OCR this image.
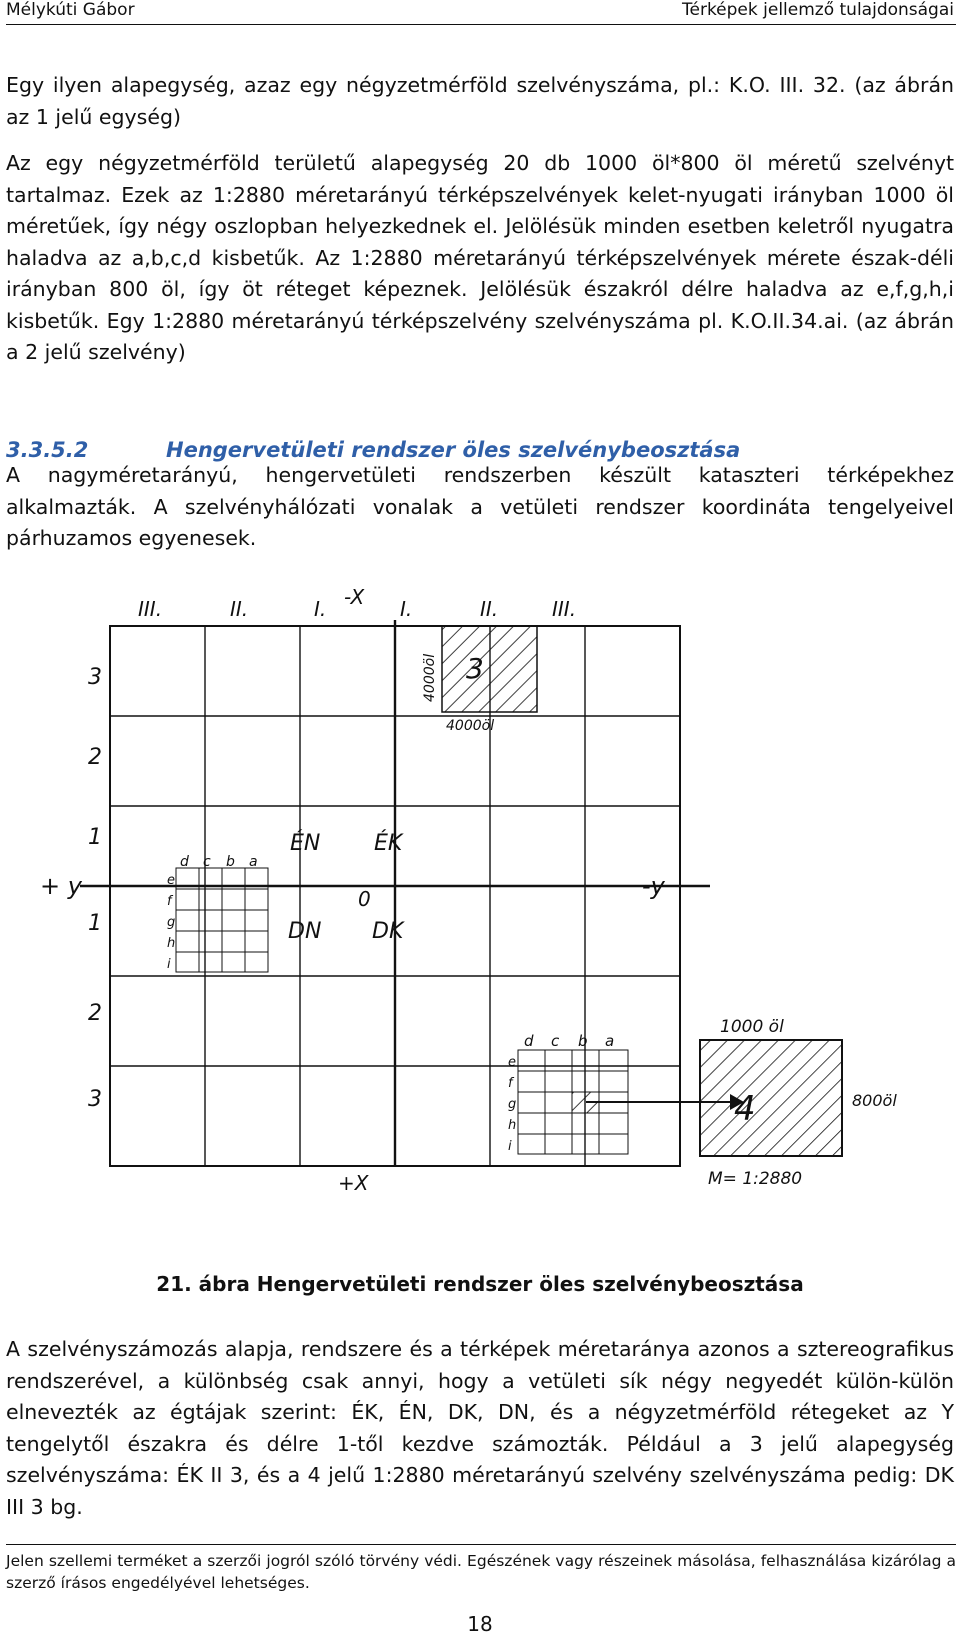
Mélykúti Gábor	Térképek jellemző tulajdonságai

Egy ilyen alapegység, azaz egy négyzetmérföld szelvényszáma, pl.: K.O. III. 32. (az ábrán az 1 jelű egység)

Az egy négyzetmérföld területű alapegység 20 db 1000 öl*800 öl méretű szelvényt tartalmaz. Ezek az 1:2880 méretarányú térképszelvények kelet-nyugati irányban 1000 öl méretűek, így négy oszlopban helyezkednek el. Jelölésük minden esetben keletről nyugatra haladva az a,b,c,d kisbetűk. Az 1:2880 méretarányú térképszelvények mérete észak-déli irányban 800 öl, így öt réteget képeznek. Jelölésük északról délre haladva az e,f,g,h,i kisbetűk. Egy 1:2880 méretarányú térképszelvény szelvényszáma pl. K.O.II.34.ai. (az ábrán a 2 jelű szelvény)

3.3.5.2	Hengervetületi rendszer öles szelvénybeosztása

A nagyméretarányú, hengervetületi rendszerben készült kataszteri térképekhez alkalmazták. A szelvényhálózati vonalak a vetületi rendszer koordináta tengelyeivel párhuzamos egyenesek.

III.	II.	I. -X I.	II.	III.
3
2
1
1
2
3
+ y	-y
0
ÉN ÉK
DN DK
3
4000öl
4000öl
+X
1000 öl
800öl
4
M= 1:2880
d c b a
e
f
g
h
i
d c b a
e
f
g
h
i
21. ábra Hengervetületi rendszer öles szelvénybeosztása

A szelvényszámozás alapja, rendszere és a térképek méretaránya azonos a sztereografikus rendszerével, a különbség csak annyi, hogy a vetületi sík négy negyedét külön-külön elnevezték az égtájak szerint: ÉK, ÉN, DK, DN, és a négyzetmérföld rétegeket az Y tengelytől északra és délre 1-től kezdve számozták. Például a 3 jelű alapegység szelvényszáma: ÉK II 3, és a 4 jelű 1:2880 méretarányú szelvény szelvényszáma pedig: DK III 3 bg.

Jelen szellemi terméket a szerzői jogról szóló törvény védi. Egészének vagy részeinek másolása, felhasználása kizárólag a szerző írásos engedélyével lehetséges.
18
